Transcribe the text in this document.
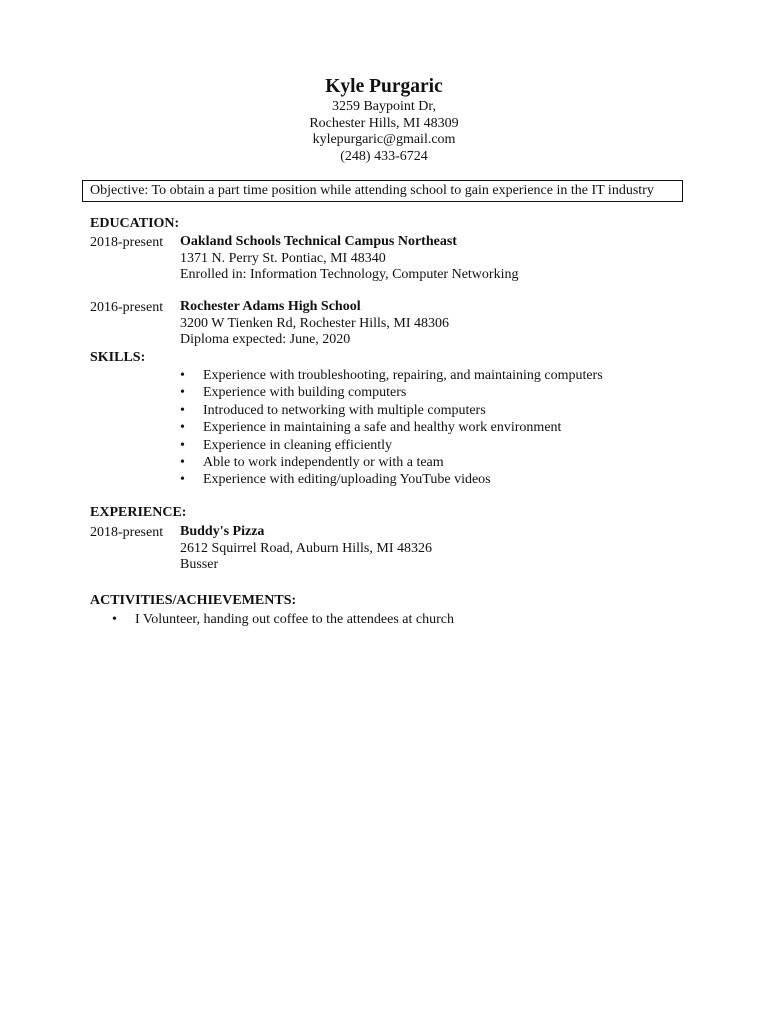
Kyle Purgaric
3259 Baypoint Dr,
Rochester Hills, MI 48309
kylepurgaric@gmail.com
(248) 433-6724
Objective: To obtain a part time position while attending school to gain experience in the IT industry
EDUCATION:
2018-present Oakland Schools Technical Campus Northeast
1371 N. Perry St. Pontiac, MI 48340
Enrolled in: Information Technology, Computer Networking
2016-present Rochester Adams High School
3200 W Tienken Rd, Rochester Hills, MI 48306
Diploma expected: June, 2020
SKILLS:
• Experience with troubleshooting, repairing, and maintaining computers
• Experience with building computers
• Introduced to networking with multiple computers
• Experience in maintaining a safe and healthy work environment
• Experience in cleaning efficiently
• Able to work independently or with a team
• Experience with editing/uploading YouTube videos
EXPERIENCE:
2018-present Buddy's Pizza
2612 Squirrel Road, Auburn Hills, MI 48326
Busser
ACTIVITIES/ACHIEVEMENTS:
• I Volunteer, handing out coffee to the attendees at church
